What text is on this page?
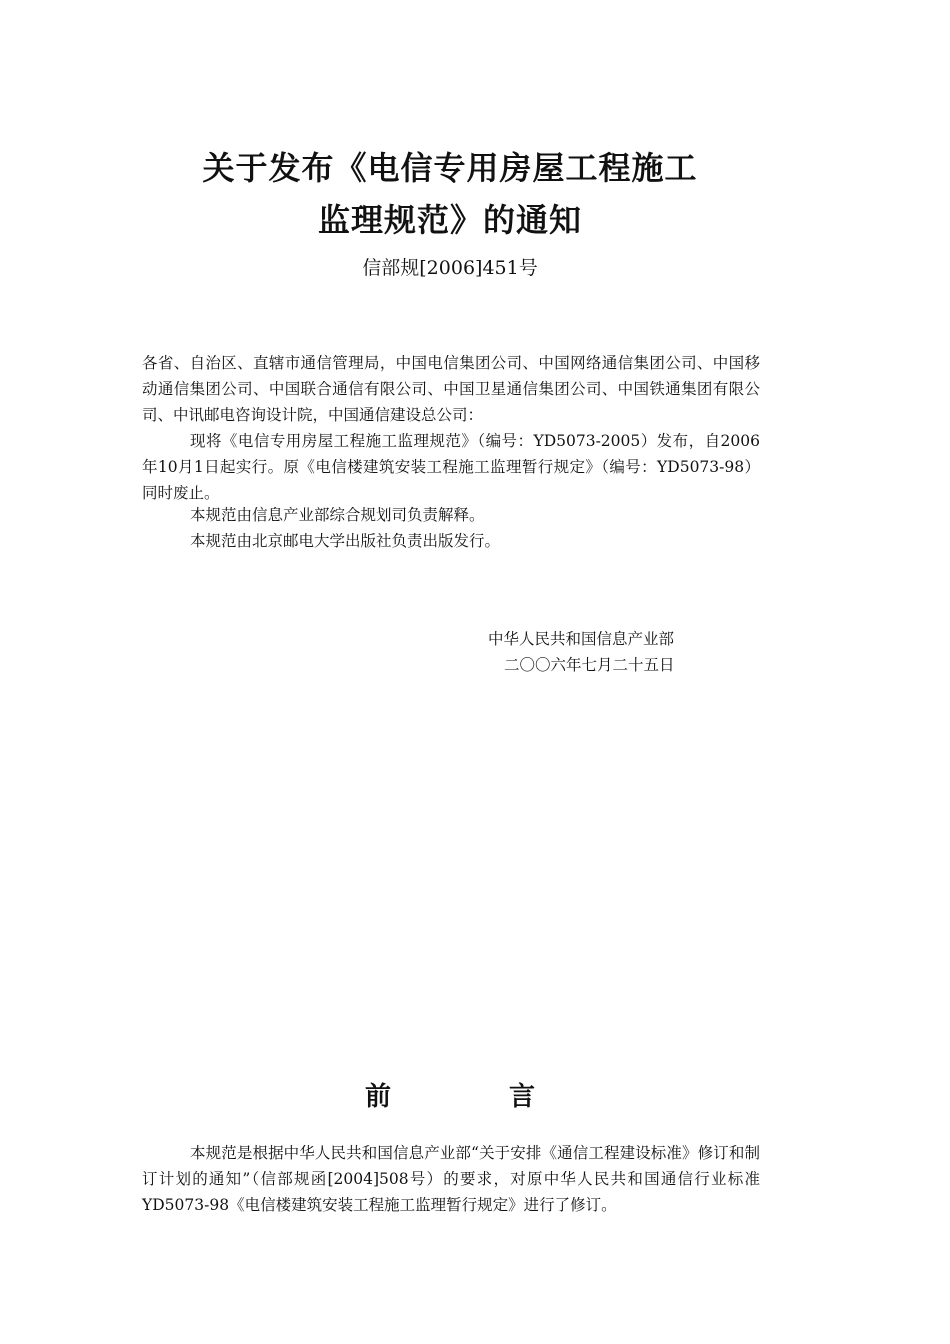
关于发布《电信专用房屋工程施工
监理规范》的通知
信部规[2006]451号

各省、自治区、直辖市通信管理局，中国电信集团公司、中国网络通信集团公司、中国移动通信集团公司、中国联合通信有限公司、中国卫星通信集团公司、中国铁通集团有限公司、中讯邮电咨询设计院，中国通信建设总公司：

现将《电信专用房屋工程施工监理规范》（编号：YD5073-2005）发布，自2006年10月1日起实行。原《电信楼建筑安装工程施工监理暂行规定》（编号：YD5073-98）同时废止。

本规范由信息产业部综合规划司负责解释。

本规范由北京邮电大学出版社负责出版发行。

中华人民共和国信息产业部
二〇〇六年七月二十五日
前	言

本规范是根据中华人民共和国信息产业部“关于安排《通信工程建设标准》修订和制订计划的通知”（信部规函[2004]508号）的要求，对原中华人民共和国通信行业标准YD5073-98《电信楼建筑安装工程施工监理暂行规定》进行了修订。
